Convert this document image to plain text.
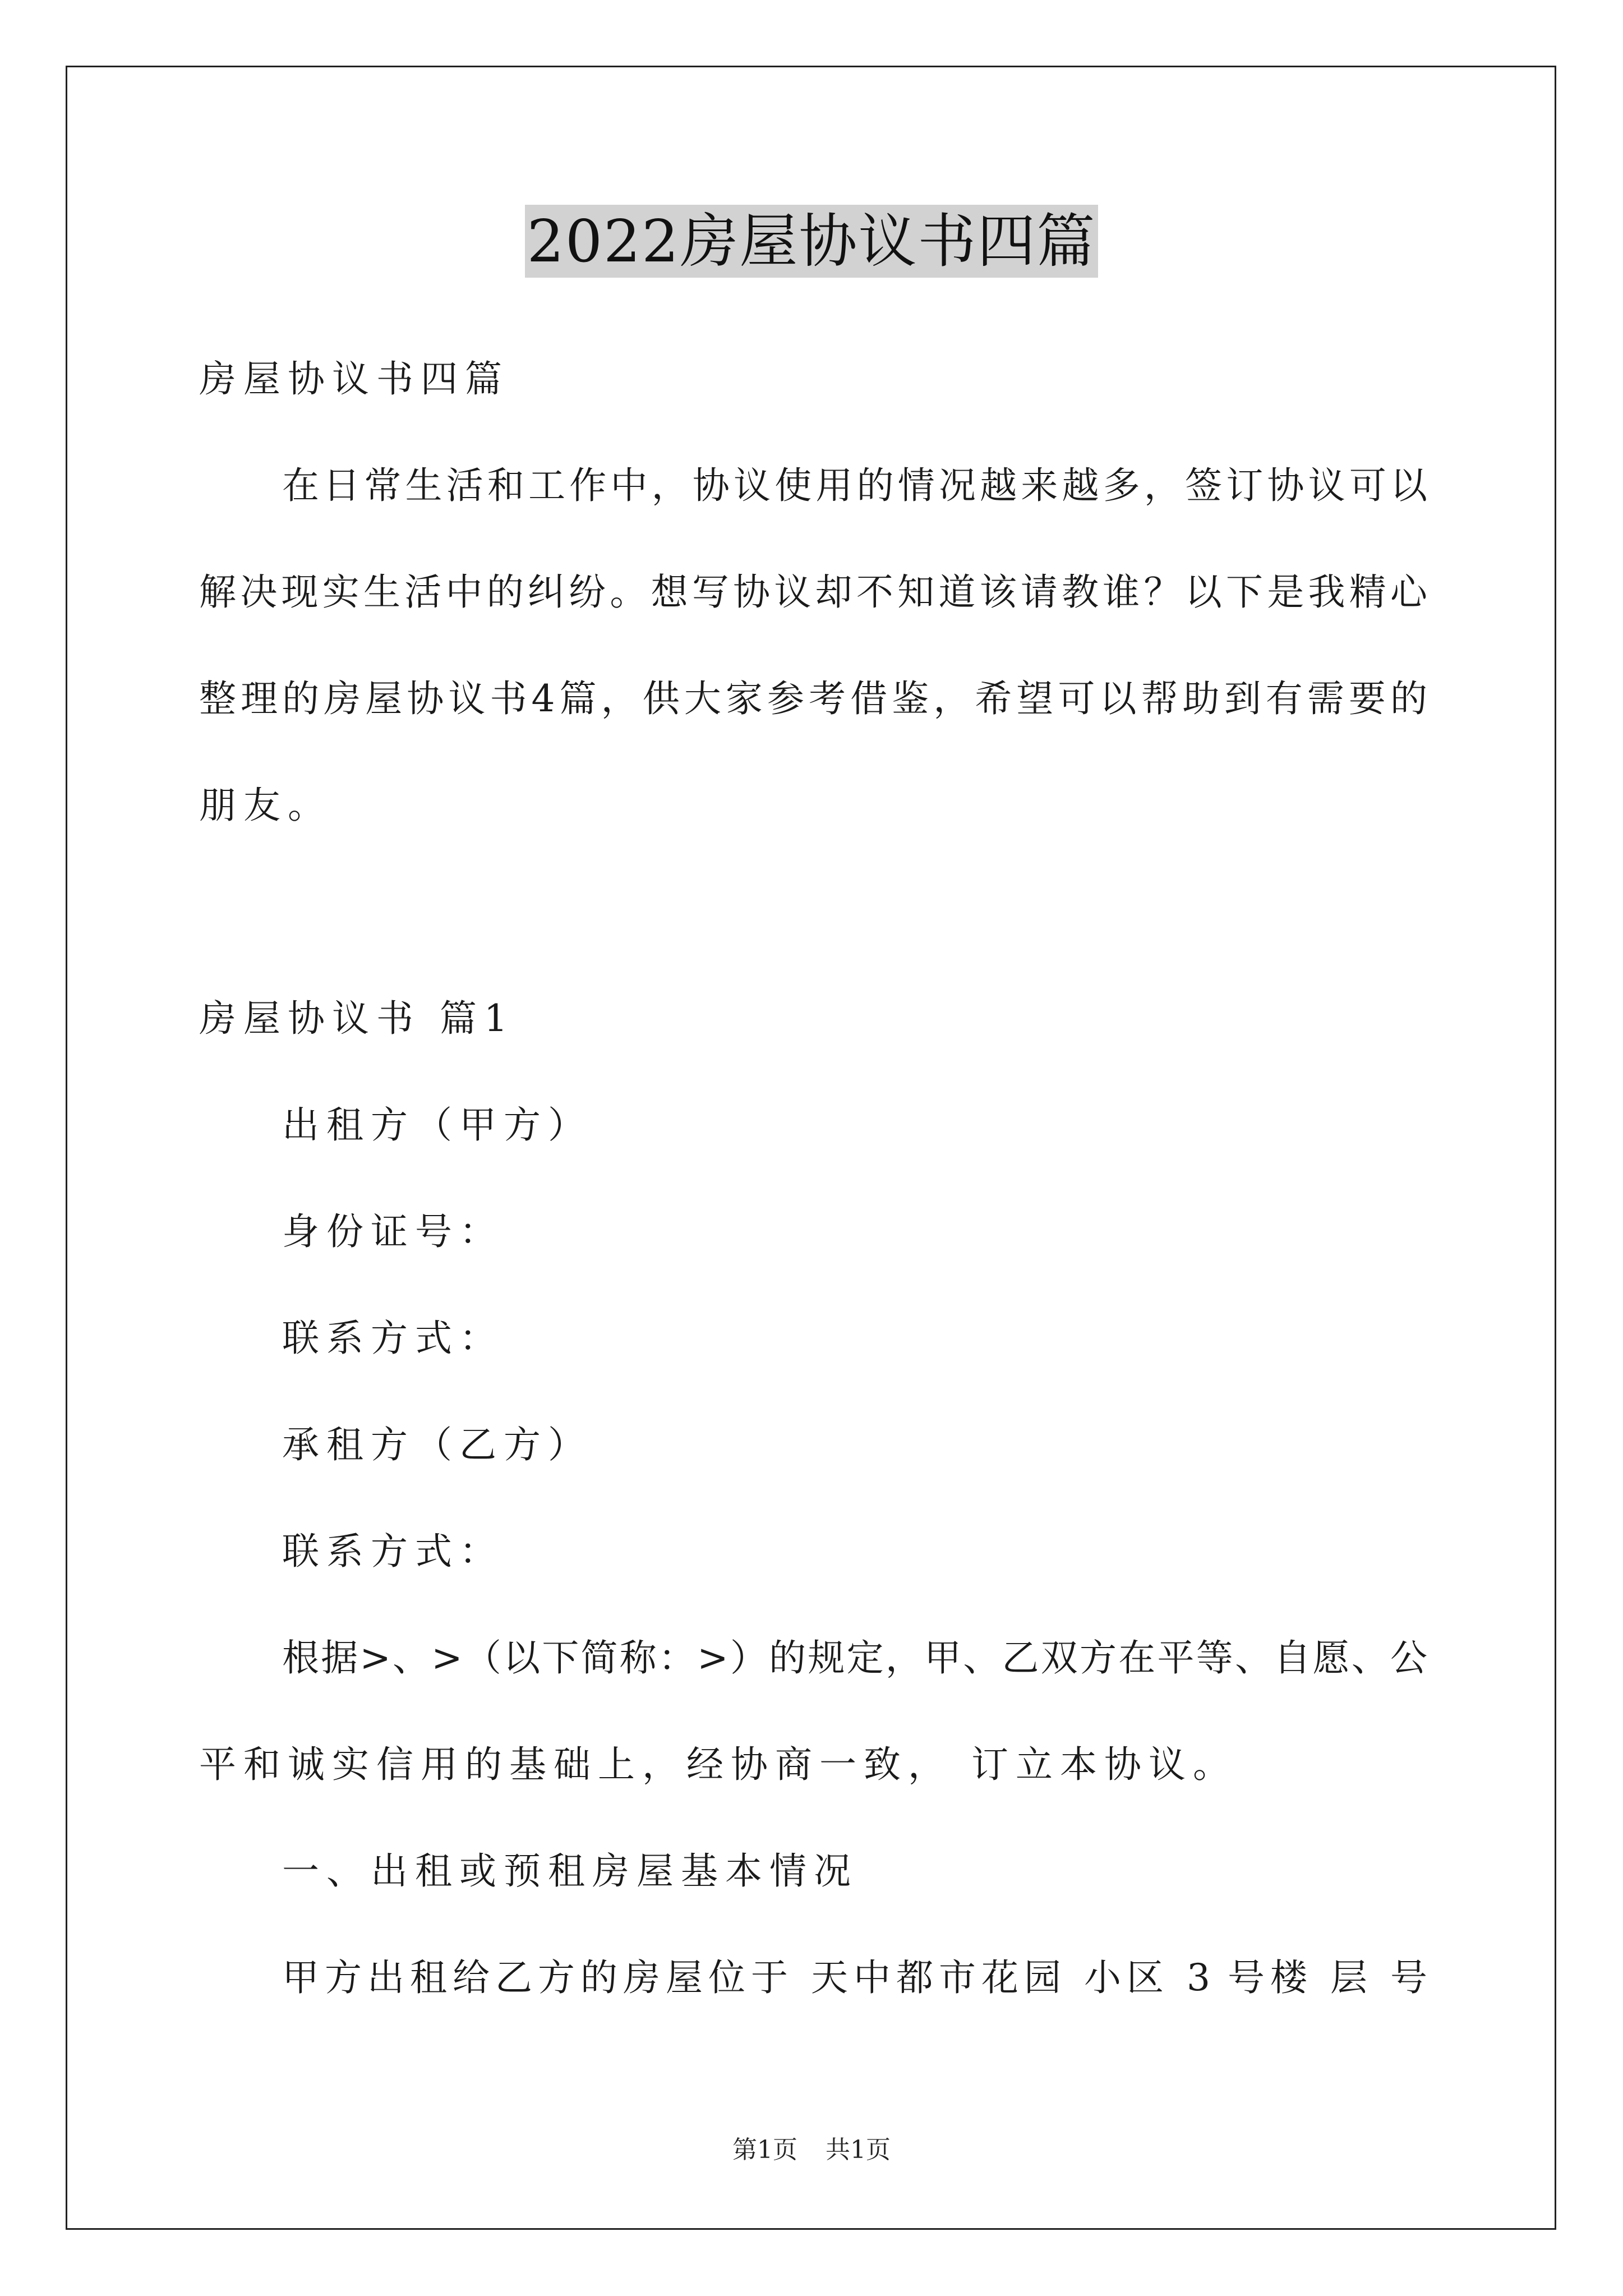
2022房屋协议书四篇
房屋协议书四篇
在日常生活和工作中，协议使用的情况越来越多，签订协议可以
解决现实生活中的纠纷。想写协议却不知道该请教谁？以下是我精心
整理的房屋协议书4篇，供大家参考借鉴，希望可以帮助到有需要的
朋友。
房屋协议书 篇1
出租方（甲方）
身份证号：
联系方式：
承租方（乙方）
联系方式：
根据>、>（以下简称：>）的规定，甲、乙双方在平等、自愿、公
平和诚实信用的基础上，经协商一致， 订立本协议。
一、出租或预租房屋基本情况
甲方出租给乙方的房屋位于 天中都市花园 小区 3 号楼 层 号
第1页 共1页
